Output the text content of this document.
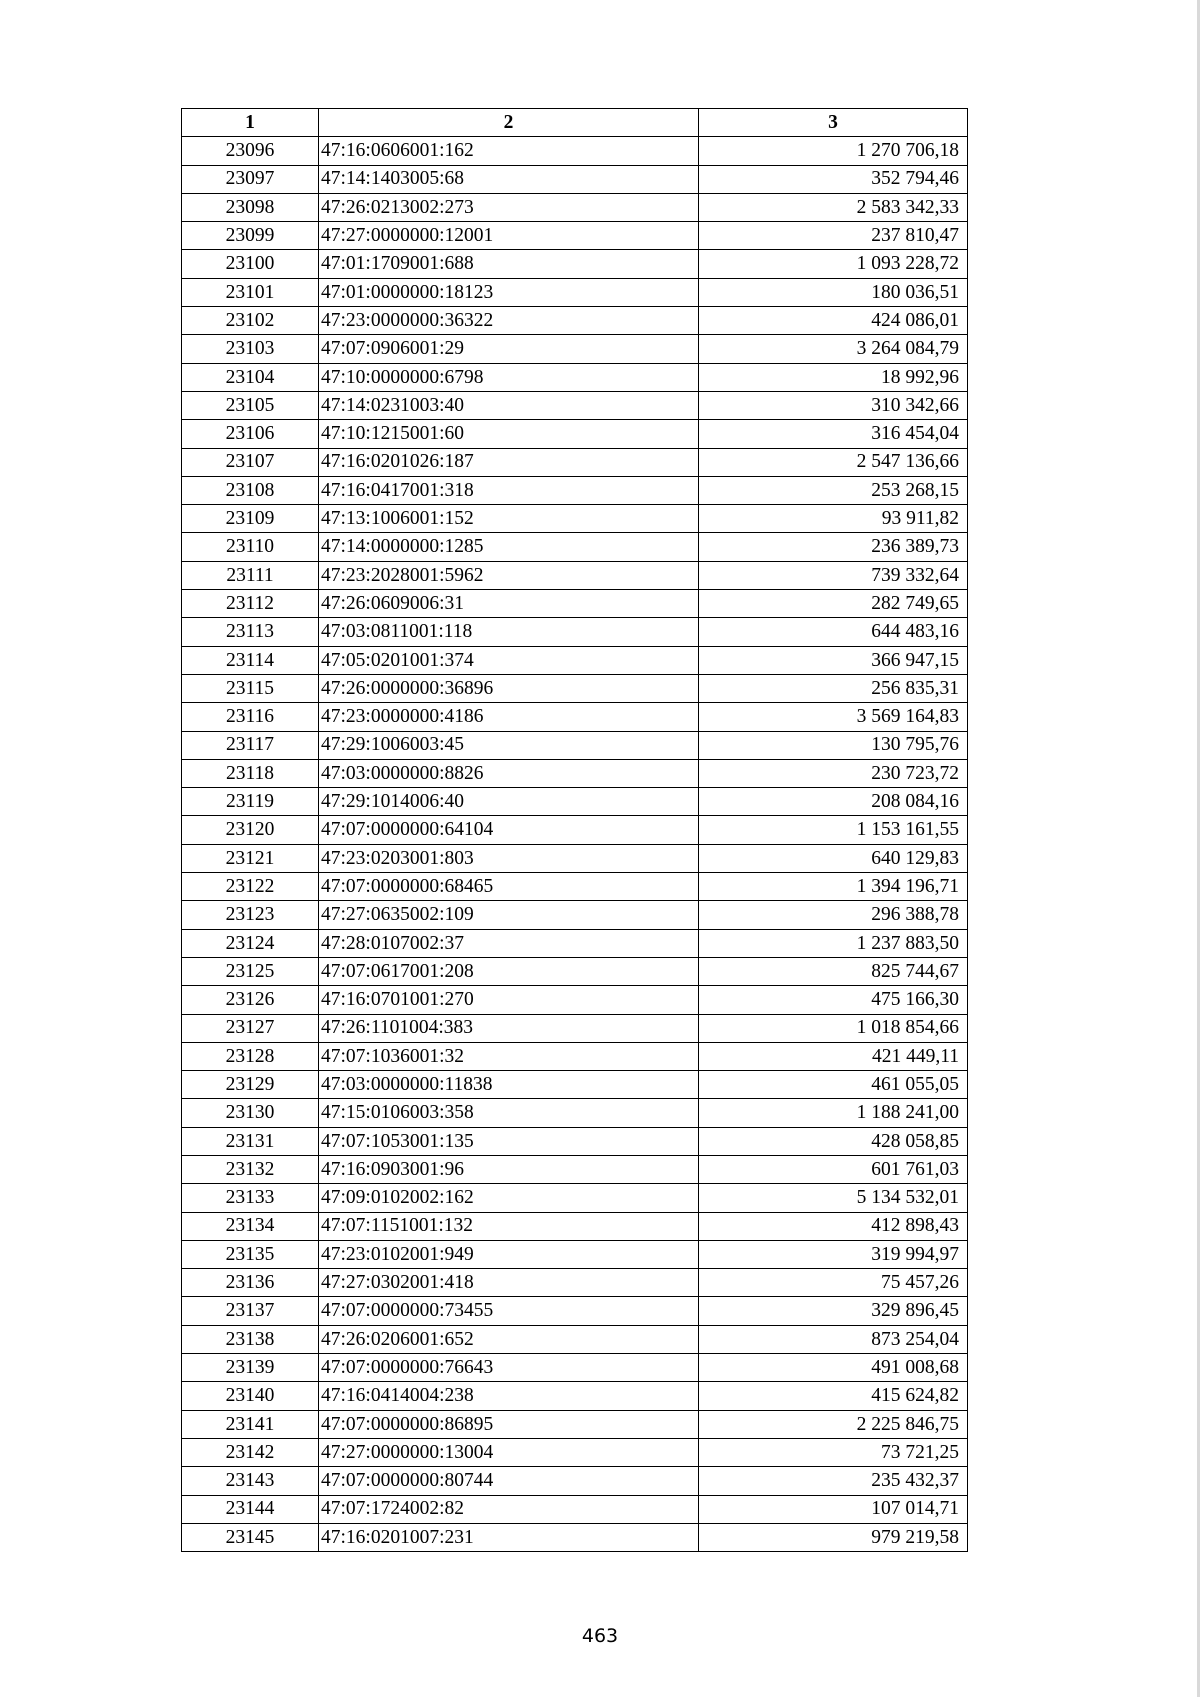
1	2	3
23096	47:16:0606001:162	1 270 706,18
23097	47:14:1403005:68	352 794,46
23098	47:26:0213002:273	2 583 342,33
23099	47:27:0000000:12001	237 810,47
23100	47:01:1709001:688	1 093 228,72
23101	47:01:0000000:18123	180 036,51
23102	47:23:0000000:36322	424 086,01
23103	47:07:0906001:29	3 264 084,79
23104	47:10:0000000:6798	18 992,96
23105	47:14:0231003:40	310 342,66
23106	47:10:1215001:60	316 454,04
23107	47:16:0201026:187	2 547 136,66
23108	47:16:0417001:318	253 268,15
23109	47:13:1006001:152	93 911,82
23110	47:14:0000000:1285	236 389,73
23111	47:23:2028001:5962	739 332,64
23112	47:26:0609006:31	282 749,65
23113	47:03:0811001:118	644 483,16
23114	47:05:0201001:374	366 947,15
23115	47:26:0000000:36896	256 835,31
23116	47:23:0000000:4186	3 569 164,83
23117	47:29:1006003:45	130 795,76
23118	47:03:0000000:8826	230 723,72
23119	47:29:1014006:40	208 084,16
23120	47:07:0000000:64104	1 153 161,55
23121	47:23:0203001:803	640 129,83
23122	47:07:0000000:68465	1 394 196,71
23123	47:27:0635002:109	296 388,78
23124	47:28:0107002:37	1 237 883,50
23125	47:07:0617001:208	825 744,67
23126	47:16:0701001:270	475 166,30
23127	47:26:1101004:383	1 018 854,66
23128	47:07:1036001:32	421 449,11
23129	47:03:0000000:11838	461 055,05
23130	47:15:0106003:358	1 188 241,00
23131	47:07:1053001:135	428 058,85
23132	47:16:0903001:96	601 761,03
23133	47:09:0102002:162	5 134 532,01
23134	47:07:1151001:132	412 898,43
23135	47:23:0102001:949	319 994,97
23136	47:27:0302001:418	75 457,26
23137	47:07:0000000:73455	329 896,45
23138	47:26:0206001:652	873 254,04
23139	47:07:0000000:76643	491 008,68
23140	47:16:0414004:238	415 624,82
23141	47:07:0000000:86895	2 225 846,75
23142	47:27:0000000:13004	73 721,25
23143	47:07:0000000:80744	235 432,37
23144	47:07:1724002:82	107 014,71
23145	47:16:0201007:231	979 219,58
463
